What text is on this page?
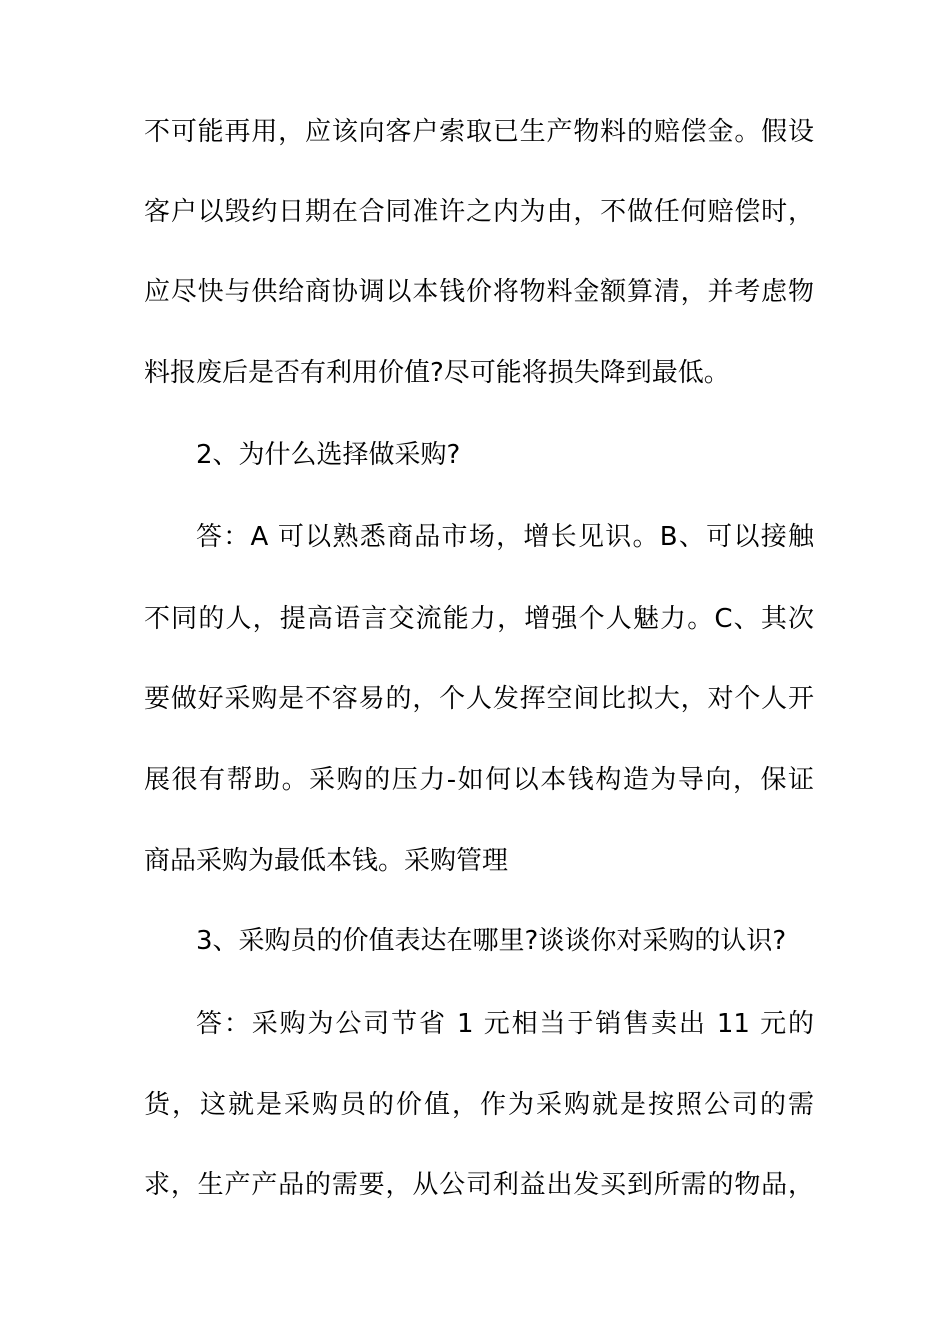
不可能再用，应该向客户索取已生产物料的赔偿金。假设
客户以毁约日期在合同准许之内为由，不做任何赔偿时，
应尽快与供给商协调以本钱价将物料金额算清，并考虑物
料报废后是否有利用价值?尽可能将损失降到最低。
2、为什么选择做采购?
答：A 可以熟悉商品市场，增长见识。B、可以接触
不同的人，提高语言交流能力，增强个人魅力。C、其次
要做好采购是不容易的，个人发挥空间比拟大，对个人开
展很有帮助。采购的压力-如何以本钱构造为导向，保证
商品采购为最低本钱。采购管理
3、采购员的价值表达在哪里?谈谈你对采购的认识?
答：采购为公司节省 1 元相当于销售卖出 11 元的
货，这就是采购员的价值，作为采购就是按照公司的需
求，生产产品的需要，从公司利益出发买到所需的物品，
